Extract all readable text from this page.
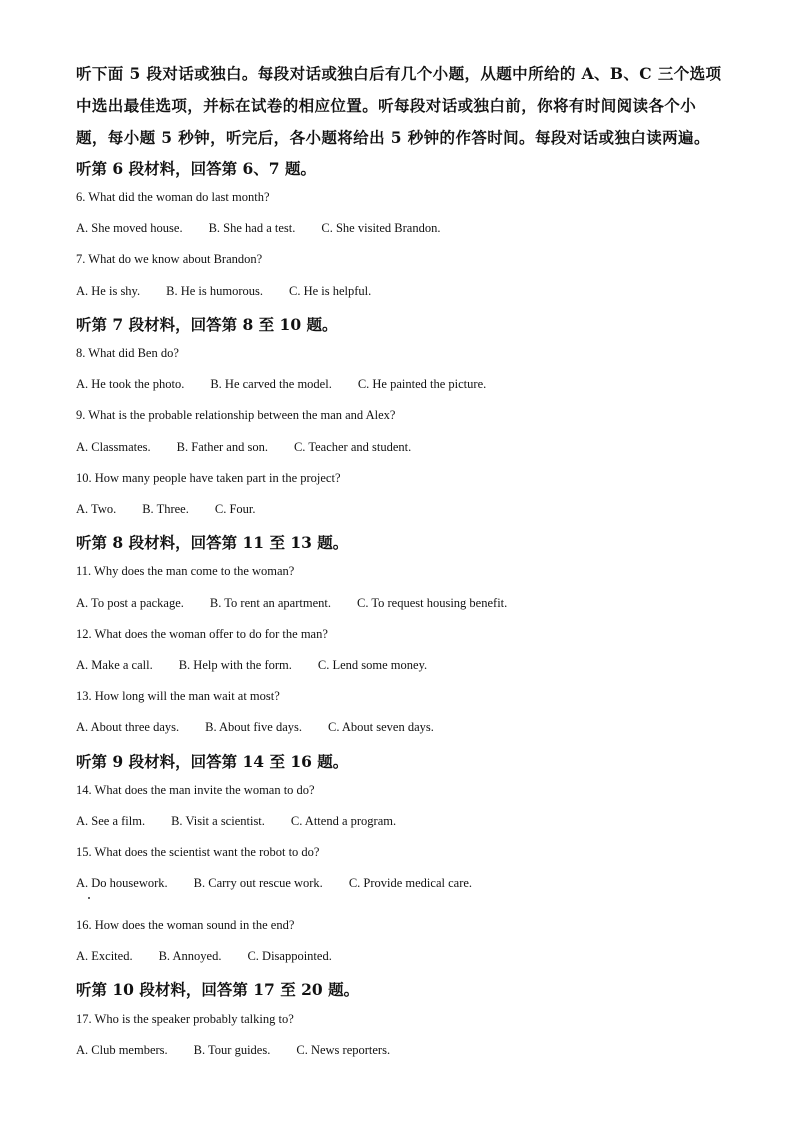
听下面 5 段对话或独白。每段对话或独白后有几个小题，从题中所给的 A、B、C 三个选项
中选出最佳选项，并标在试卷的相应位置。听每段对话或独白前，你将有时间阅读各个小
题，每小题 5 秒钟，听完后，各小题将给出 5 秒钟的作答时间。每段对话或独白读两遍。
听第 6 段材料，回答第 6、7 题。
6. What did the woman do last month?
A. She moved house. B. She had a test. C. She visited Brandon.
7. What do we know about Brandon?
A. He is shy. B. He is humorous. C. He is helpful.
听第 7 段材料，回答第 8 至 10 题。
8. What did Ben do?
A. He took the photo. B. He carved the model. C. He painted the picture.
9. What is the probable relationship between the man and Alex?
A. Classmates. B. Father and son. C. Teacher and student.
10. How many people have taken part in the project?
A. Two. B. Three. C. Four.
听第 8 段材料，回答第 11 至 13 题。
11. Why does the man come to the woman?
A. To post a package. B. To rent an apartment. C. To request housing benefit.
12. What does the woman offer to do for the man?
A. Make a call. B. Help with the form. C. Lend some money.
13. How long will the man wait at most?
A. About three days. B. About five days. C. About seven days.
听第 9 段材料，回答第 14 至 16 题。
14. What does the man invite the woman to do?
A. See a film. B. Visit a scientist. C. Attend a program.
15. What does the scientist want the robot to do?
A. Do housework. B. Carry out rescue work. C. Provide medical care.
16. How does the woman sound in the end?
A. Excited. B. Annoyed. C. Disappointed.
听第 10 段材料，回答第 17 至 20 题。
17. Who is the speaker probably talking to?
A. Club members. B. Tour guides. C. News reporters.
